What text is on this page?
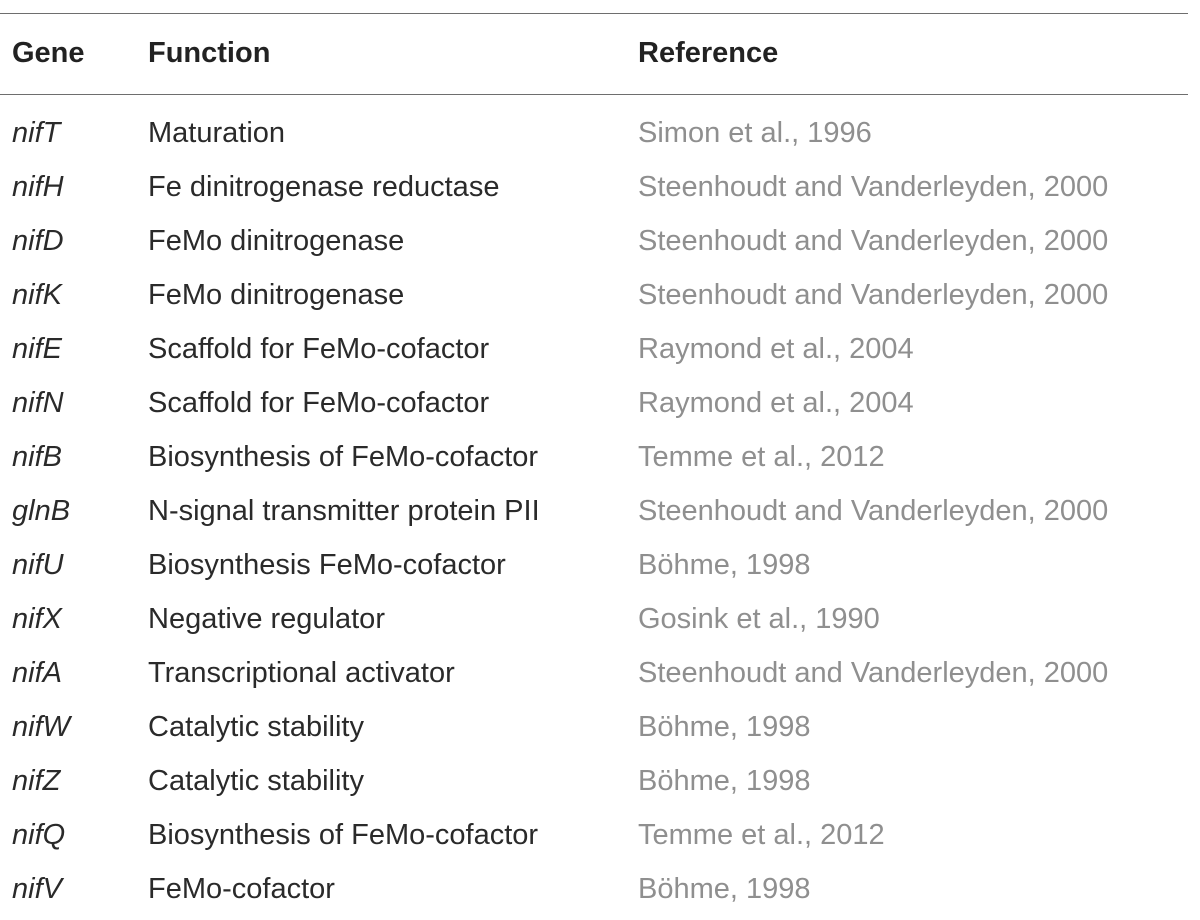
Gene	Function	Reference

nifT	Maturation	Simon et al., 1996
nifH	Fe dinitrogenase reductase	Steenhoudt and Vanderleyden, 2000
nifD	FeMo dinitrogenase	Steenhoudt and Vanderleyden, 2000
nifK	FeMo dinitrogenase	Steenhoudt and Vanderleyden, 2000
nifE	Scaffold for FeMo-cofactor	Raymond et al., 2004
nifN	Scaffold for FeMo-cofactor	Raymond et al., 2004
nifB	Biosynthesis of FeMo-cofactor	Temme et al., 2012
glnB	N-signal transmitter protein PII	Steenhoudt and Vanderleyden, 2000
nifU	Biosynthesis FeMo-cofactor	Böhme, 1998
nifX	Negative regulator	Gosink et al., 1990
nifA	Transcriptional activator	Steenhoudt and Vanderleyden, 2000
nifW	Catalytic stability	Böhme, 1998
nifZ	Catalytic stability	Böhme, 1998
nifQ	Biosynthesis of FeMo-cofactor	Temme et al., 2012
nifV	FeMo-cofactor	Böhme, 1998
